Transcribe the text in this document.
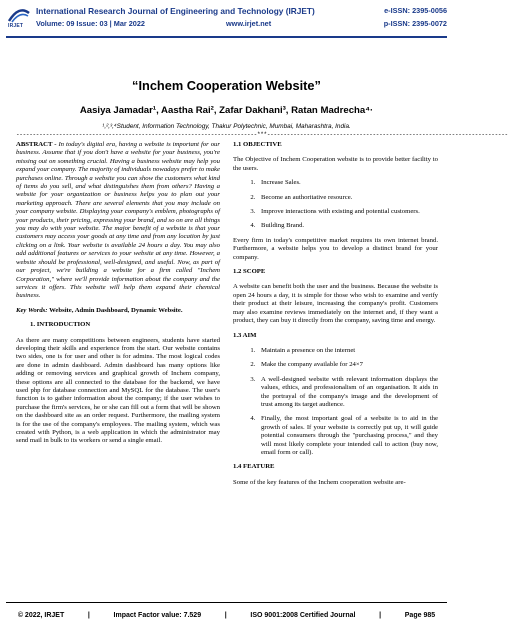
IRJET
International Research Journal of Engineering and Technology (IRJET)
Volume: 09 Issue: 03 | Mar 2022	www.irjet.net
e-ISSN: 2395-0056
p-ISSN: 2395-0072
“Inchem Cooperation Website”
Aasiya Jamadar¹, Aastha Rai², Zafar Dakhani³, Ratan Madrecha⁴·
¹,²,³,⁴Student, Information Technology, Thakur Polytechnic, Mumbai, Maharashtra, India.
-------------------------------------------------------------------------***-------------------------------------------------------------------------

ABSTRACT - In today's digital era, having a website is important for our business. Assume that if you don't have a website for your business, you're missing out on something crucial. Having a business website may help you expand your company. The majority of individuals nowadays prefer to make purchases online. Through a website you can show the customers what kind of items do you sell, and what distinguishes them from others? Having a website for your organization or business helps you to plan out your marketing approach. There are several elements that you may include on your company website. Displaying your company's emblem, photographs of your products, their pricing, expressing your brand, and so on are all things you may do with your website. The major benefit of a website is that your customers may access your goods at any time and from any location by just clicking on a link. Your website is available 24 hours a day. You may also add additional features or services to your website at any time. However, a website should be professional, well-designed, and useful. Now, as part of our project, we're building a website for a firm called "Inchem Corporation," where we'll provide information about the company and the services it offers. This website will help them expand their chemical business.

Key Words: Website, Admin Dashboard, Dynamic Website.

1. INTRODUCTION

As there are many competitions between engineers, students have started developing their skills and experience from the start. Our website contains two sides, one is for user and other is for admins. The most logical codes are done in admin dashboard. Admin dashboard has many options like adding or removing services and graphical growth of Inchem company, these options are all connected to the database for the backend, we have used php for database connection and MySQL for the database. The user's function is to gather information about the company; if the user wishes to purchase the firm's services, he or she can fill out a form that will be shown on the dashboard site as an order request. Furthermore, the mailing system is for the use of the company's employees. The mailing system, which was created with Python, is a web application in which the administrator may send mail in bulk to its workers or send a single email.

1.1 OBJECTIVE

The Objective of Inchem Cooperation website is to provide better facility to the users.

1. Increase Sales.
2. Become an authoritative resource.
3. Improve interactions with existing and potential customers.
4. Building Brand.

Every firm in today's competitive market requires its own internet brand. Furthermore, a website helps you to develop a distinct brand for your company.

1.2 SCOPE

A website can benefit both the user and the business. Because the website is open 24 hours a day, it is simple for those who wish to examine and verify their product at their leisure, increasing the company's profit. Customers may also examine reviews immediately on the internet and, if they want a product, they can buy it directly from the company, saving time and energy.

1.3 AIM
1. Maintain a presence on the internet
2. Make the company available for 24×7
3. A well-designed website with relevant information displays the values, ethics, and professionalism of an organisation. It aids in the portrayal of the company's image and the development of trust among its target audience.
4. Finally, the most important goal of a website is to aid in the growth of sales. If your website is correctly put up, it will guide potential consumers through the "purchasing process," and they will most likely complete your intended call to action (buy now, email form or call).
1.4 FEATURE

Some of the key features of the Inchem cooperation website are-

© 2022, IRJET	|	Impact Factor value: 7.529	|	ISO 9001:2008 Certified Journal	|	Page 985
